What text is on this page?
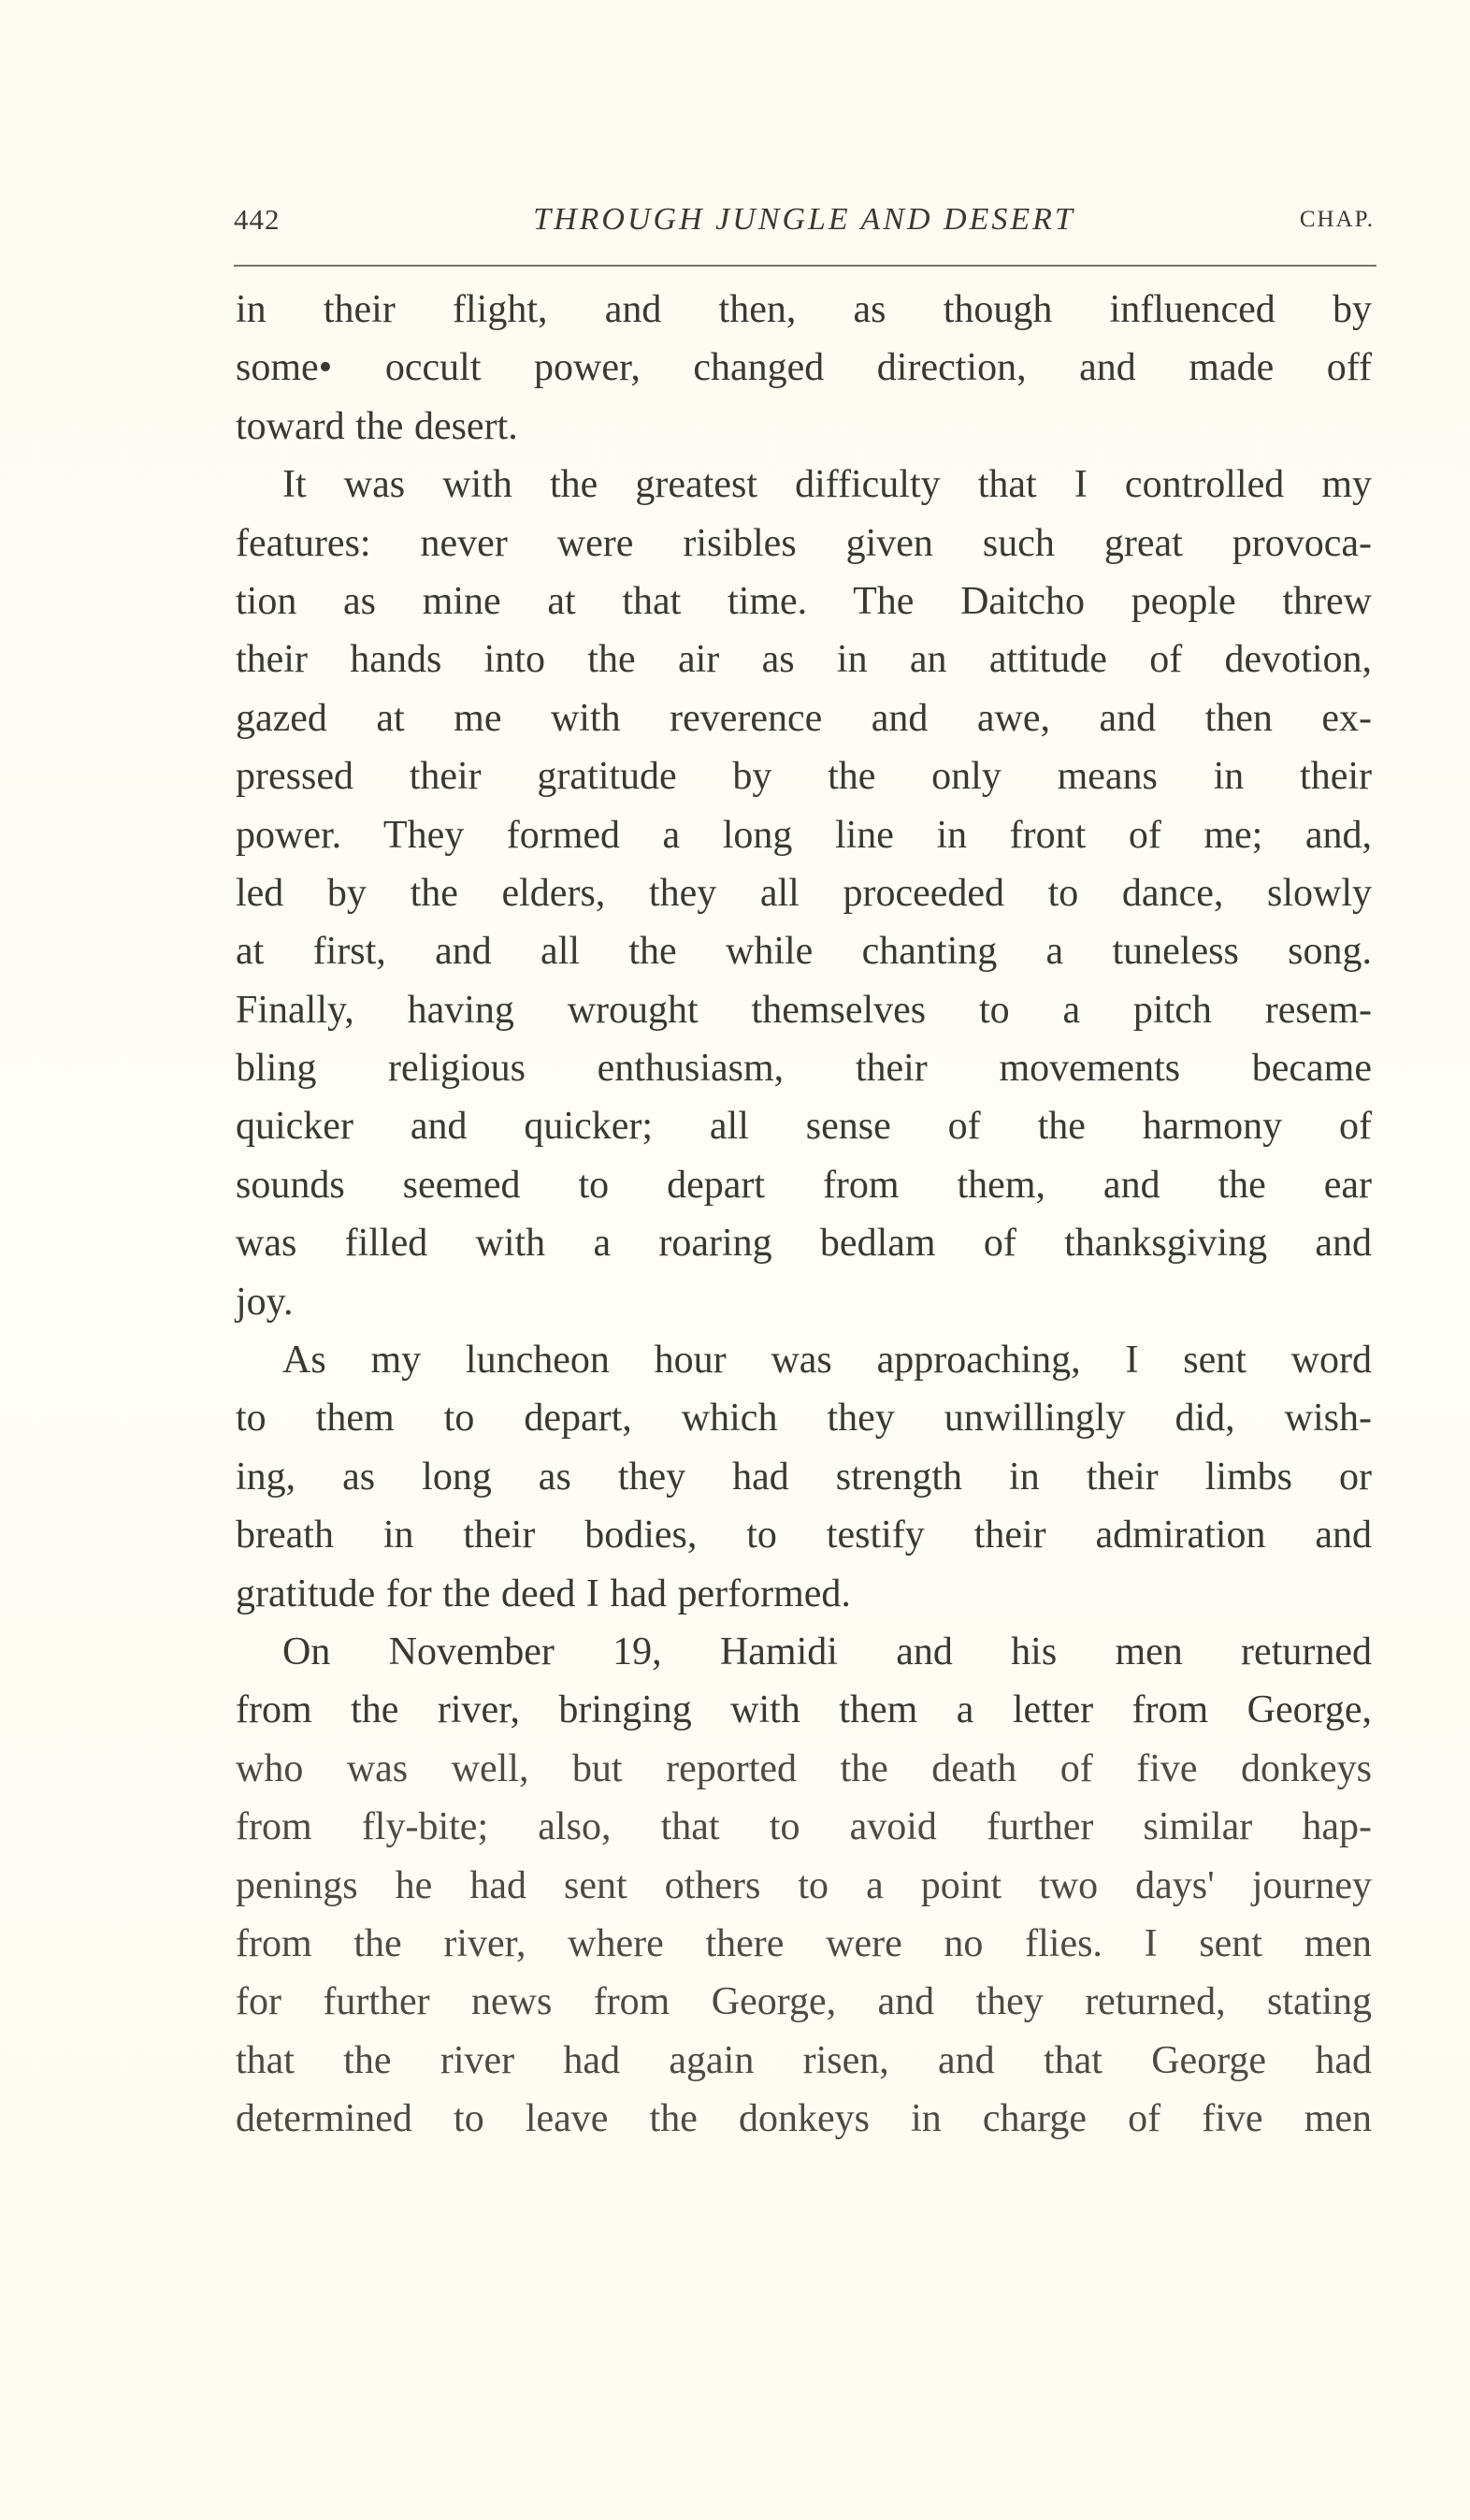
442	THROUGH JUNGLE AND DESERT	CHAP.
in their flight, and then, as though influenced by
some• occult power, changed direction, and made off
toward the desert.
It was with the greatest difficulty that I controlled my
features: never were risibles given such great provoca-
tion as mine at that time. The Daitcho people threw
their hands into the air as in an attitude of devotion,
gazed at me with reverence and awe, and then ex-
pressed their gratitude by the only means in their
power. They formed a long line in front of me; and,
led by the elders, they all proceeded to dance, slowly
at first, and all the while chanting a tuneless song.
Finally, having wrought themselves to a pitch resem-
bling religious enthusiasm, their movements became
quicker and quicker; all sense of the harmony of
sounds seemed to depart from them, and the ear
was filled with a roaring bedlam of thanksgiving and
joy.
As my luncheon hour was approaching, I sent word
to them to depart, which they unwillingly did, wish-
ing, as long as they had strength in their limbs or
breath in their bodies, to testify their admiration and
gratitude for the deed I had performed.
On November 19, Hamidi and his men returned
from the river, bringing with them a letter from George,
who was well, but reported the death of five donkeys
from fly-bite; also, that to avoid further similar hap-
penings he had sent others to a point two days' journey
from the river, where there were no flies. I sent men
for further news from George, and they returned, stating
that the river had again risen, and that George had
determined to leave the donkeys in charge of five men
